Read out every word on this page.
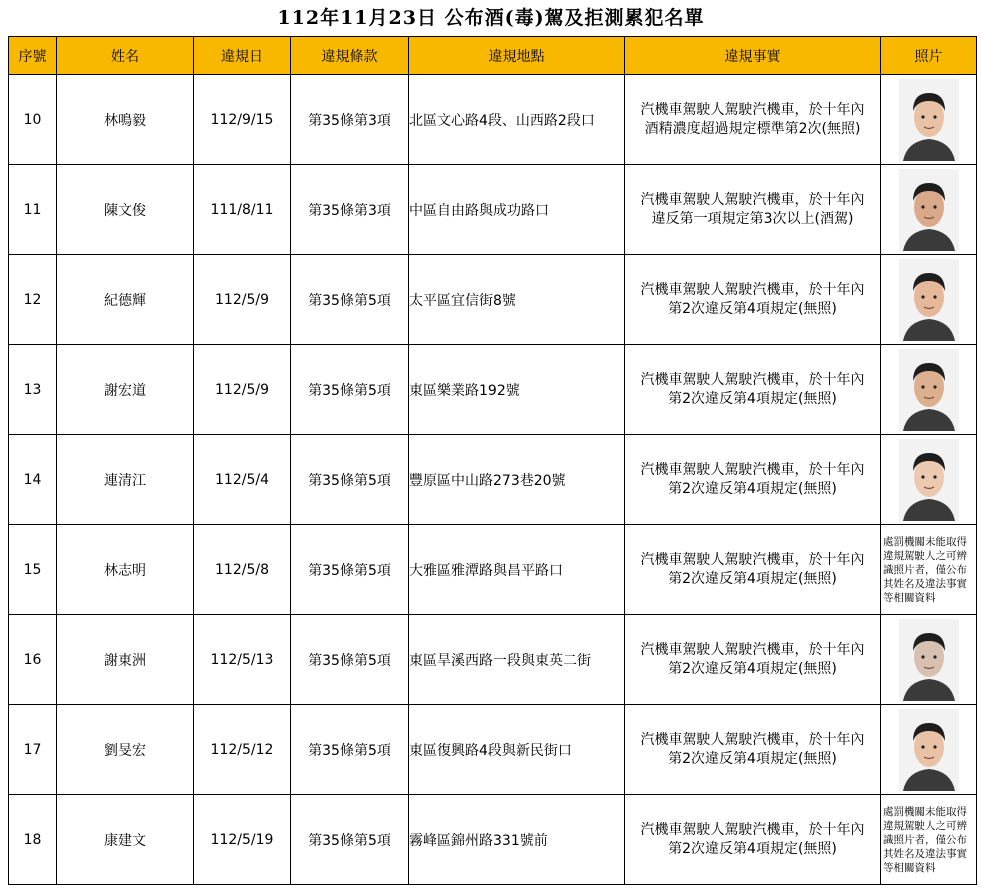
112年11月23日 公布酒(毒)駕及拒測累犯名單
序號	姓名	違規日	違規條款	違規地點	違規事實	照片
10	林鳴毅	112/9/15	第35條第3項	北區文心路4段、山西路2段口	汽機車駕駛人駕駛汽機車，於十年內
酒精濃度超過規定標準第2次(無照)

11	陳文俊	111/8/11	第35條第3項	中區自由路與成功路口	汽機車駕駛人駕駛汽機車，於十年內
違反第一項規定第3次以上(酒駕)

12	紀德輝	112/5/9	第35條第5項	太平區宜信街8號	汽機車駕駛人駕駛汽機車，於十年內
第2次違反第4項規定(無照)

13	謝宏道	112/5/9	第35條第5項	東區樂業路192號	汽機車駕駛人駕駛汽機車，於十年內
第2次違反第4項規定(無照)

14	連清江	112/5/4	第35條第5項	豐原區中山路273巷20號	汽機車駕駛人駕駛汽機車，於十年內
第2次違反第4項規定(無照)

15	林志明	112/5/8	第35條第5項	大雅區雅潭路與昌平路口	汽機車駕駛人駕駛汽機車，於十年內
第2次違反第4項規定(無照)	處罰機關未能取得違規駕駛人之可辨識照片者，僅公布 其姓名及違法事實等相關資料

16	謝東洲	112/5/13	第35條第5項	東區旱溪西路一段與東英二街	汽機車駕駛人駕駛汽機車，於十年內
第2次違反第4項規定(無照)

17	劉旻宏	112/5/12	第35條第5項	東區復興路4段與新民街口	汽機車駕駛人駕駛汽機車，於十年內
第2次違反第4項規定(無照)

18	康建文	112/5/19	第35條第5項	霧峰區錦州路331號前	汽機車駕駛人駕駛汽機車，於十年內
第2次違反第4項規定(無照)	處罰機關未能取得違規駕駛人之可辨識照片者，僅公布 其姓名及違法事實等相關資料
